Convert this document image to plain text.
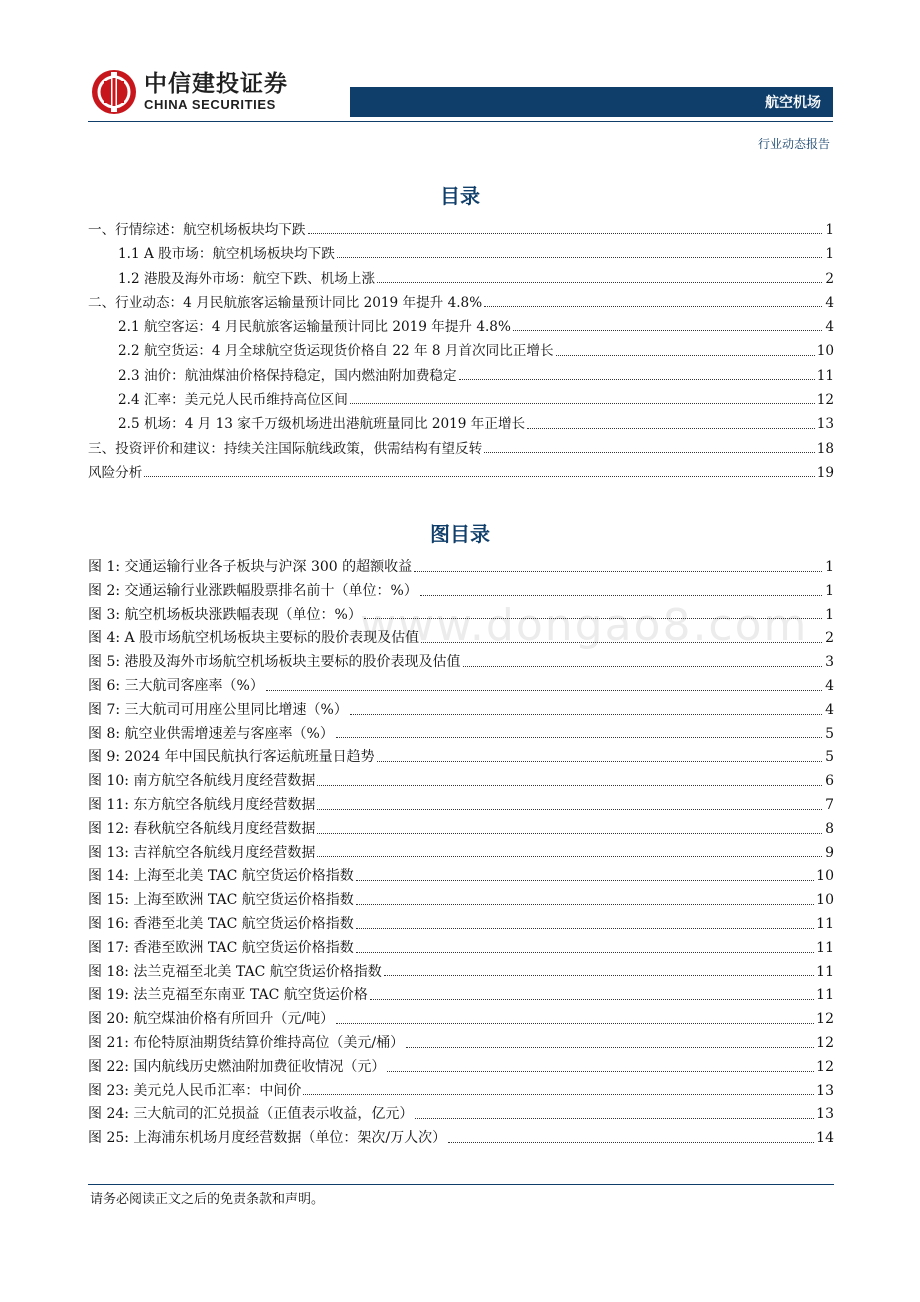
中信建投证券
CHINA SECURITIES	航空机场
行业动态报告
www.dongao8.com
目录
一、行情综述：航空机场板块均下跌	1
1.1 A 股市场：航空机场板块均下跌	1
1.2 港股及海外市场：航空下跌、机场上涨	2
二、行业动态：4 月民航旅客运输量预计同比 2019 年提升 4.8%	4
2.1 航空客运：4 月民航旅客运输量预计同比 2019 年提升 4.8%	4
2.2 航空货运：4 月全球航空货运现货价格自 22 年 8 月首次同比正增长	10
2.3 油价：航油煤油价格保持稳定，国内燃油附加费稳定	11
2.4 汇率：美元兑人民币维持高位区间	12
2.5 机场：4 月 13 家千万级机场进出港航班量同比 2019 年正增长	13
三、投资评价和建议：持续关注国际航线政策，供需结构有望反转	18
风险分析	19
图目录
图 1: 交通运输行业各子板块与沪深 300 的超额收益	1
图 2: 交通运输行业涨跌幅股票排名前十（单位：%）	1
图 3: 航空机场板块涨跌幅表现（单位：%）	1
图 4: A 股市场航空机场板块主要标的股价表现及估值	2
图 5: 港股及海外市场航空机场板块主要标的股价表现及估值	3
图 6: 三大航司客座率（%）	4
图 7: 三大航司可用座公里同比增速（%）	4
图 8: 航空业供需增速差与客座率（%）	5
图 9: 2024 年中国民航执行客运航班量日趋势	5
图 10: 南方航空各航线月度经营数据	6
图 11: 东方航空各航线月度经营数据	7
图 12: 春秋航空各航线月度经营数据	8
图 13: 吉祥航空各航线月度经营数据	9
图 14: 上海至北美 TAC 航空货运价格指数	10
图 15: 上海至欧洲 TAC 航空货运价格指数	10
图 16: 香港至北美 TAC 航空货运价格指数	11
图 17: 香港至欧洲 TAC 航空货运价格指数	11
图 18: 法兰克福至北美 TAC 航空货运价格指数	11
图 19: 法兰克福至东南亚 TAC 航空货运价格	11
图 20: 航空煤油价格有所回升（元/吨）	12
图 21: 布伦特原油期货结算价维持高位（美元/桶）	12
图 22: 国内航线历史燃油附加费征收情况（元）	12
图 23: 美元兑人民币汇率：中间价	13
图 24: 三大航司的汇兑损益（正值表示收益，亿元）	13
图 25: 上海浦东机场月度经营数据（单位：架次/万人次）	14
请务必阅读正文之后的免责条款和声明。
